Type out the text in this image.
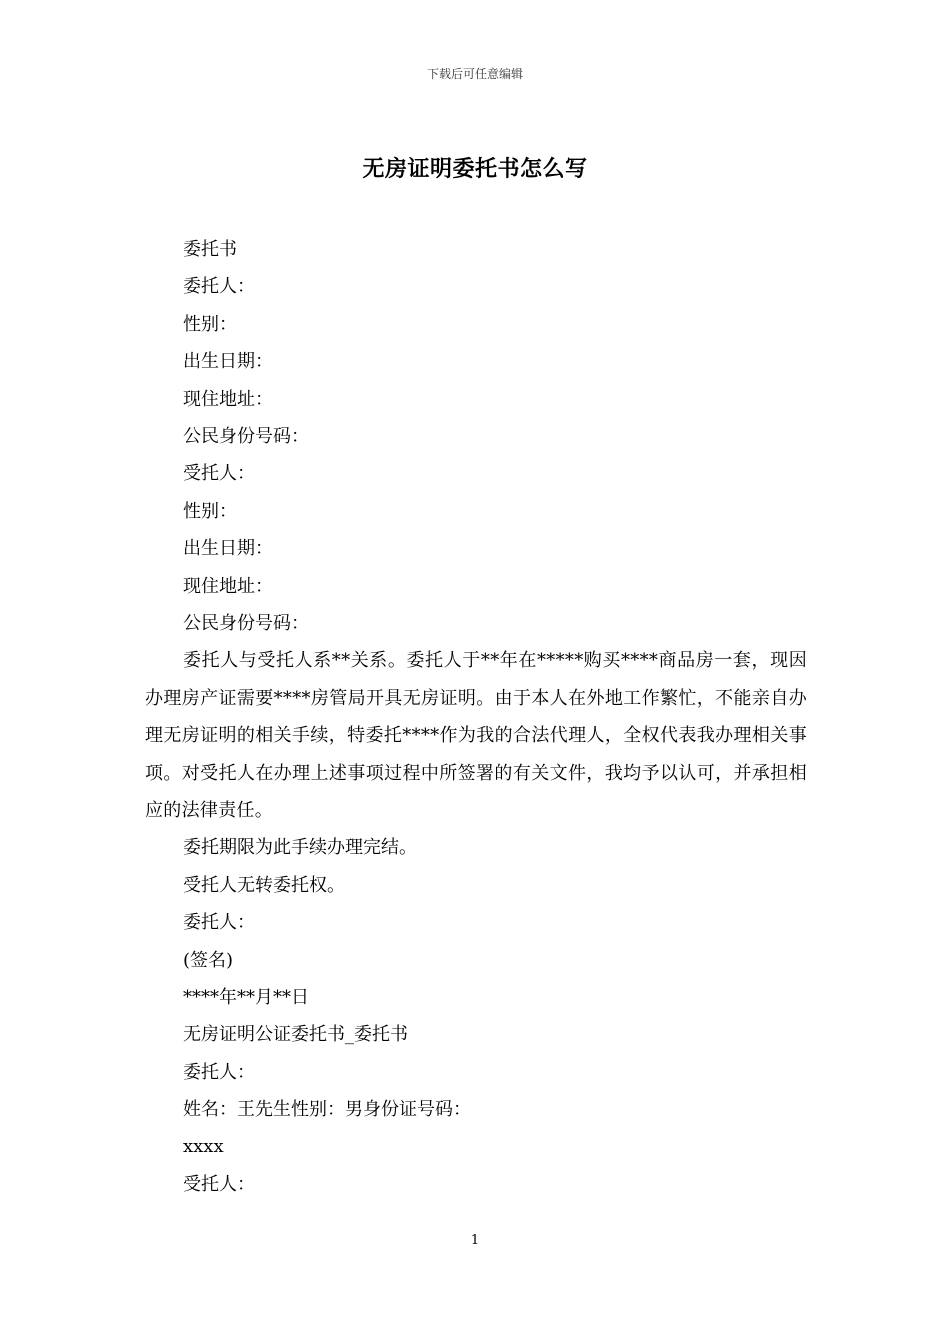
下载后可任意编辑
无房证明委托书怎么写
委托书
委托人：
性别：
出生日期：
现住地址：
公民身份号码：
受托人：
性别：
出生日期：
现住地址：
公民身份号码：
委托人与受托人系**关系。委托人于**年在*****购买****商品房一套，现因办理房产证需要****房管局开具无房证明。由于本人在外地工作繁忙，不能亲自办理无房证明的相关手续，特委托****作为我的合法代理人，全权代表我办理相关事项。对受托人在办理上述事项过程中所签署的有关文件，我均予以认可，并承担相应的法律责任。
委托期限为此手续办理完结。
受托人无转委托权。
委托人：
(签名)
****年**月**日
无房证明公证委托书_委托书
委托人：
姓名：王先生性别：男身份证号码：
xxxx
受托人：
1
